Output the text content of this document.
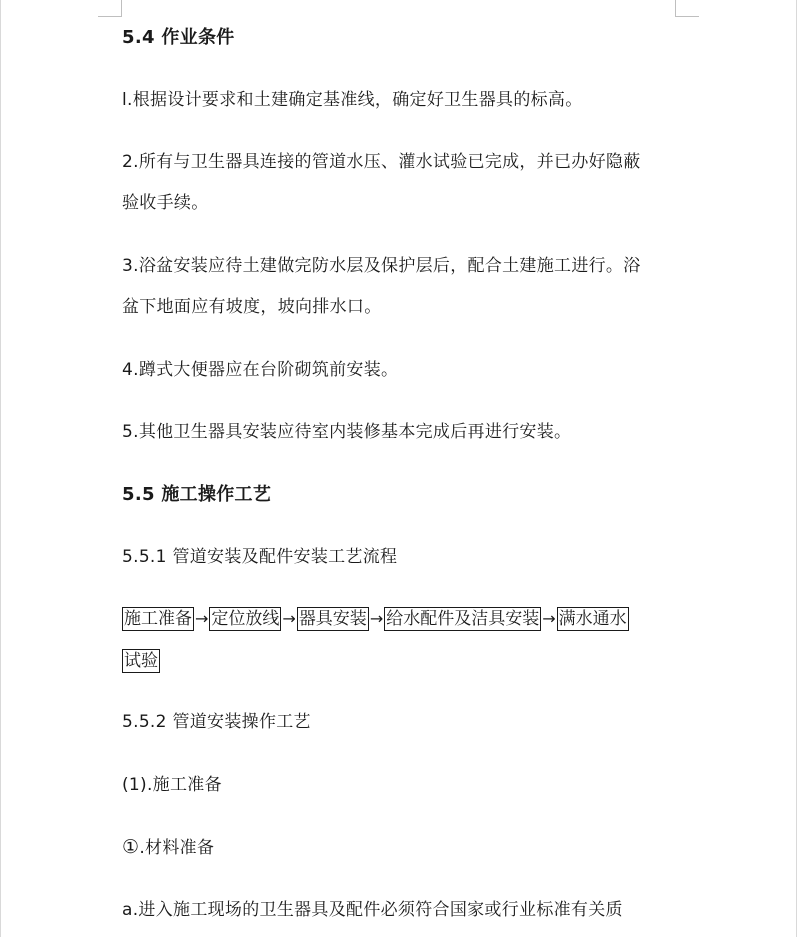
5.4 作业条件
l.根据设计要求和土建确定基准线，确定好卫生器具的标高。
2.所有与卫生器具连接的管道水压、灌水试验已完成，并已办好隐蔽
验收手续。
3.浴盆安装应待土建做完防水层及保护层后，配合土建施工进行。浴
盆下地面应有坡度，坡向排水口。
4.蹲式大便器应在台阶砌筑前安装。
5.其他卫生器具安装应待室内装修基本完成后再进行安装。
5.5 施工操作工艺
5.5.1 管道安装及配件安装工艺流程
施工准备 → 定位放线 → 器具安装 → 给水配件及洁具安装 → 满水通水
试验
5.5.2 管道安装操作工艺
(1).施工准备
①.材料准备
a.进入施工现场的卫生器具及配件必须符合国家或行业标准有关质
